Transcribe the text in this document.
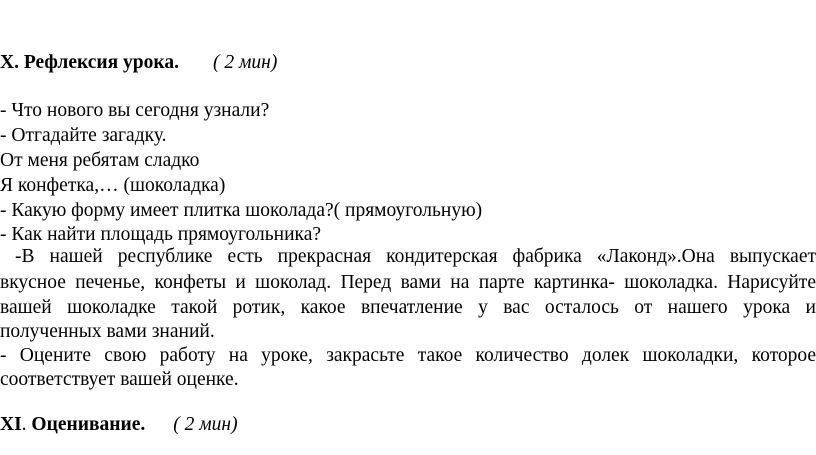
X. Рефлексия урока. ( 2 мин)
- Что нового вы сегодня узнали?
- Отгадайте загадку.
От меня ребятам сладко
Я конфетка,… (шоколадка)
- Какую форму имеет плитка шоколада?( прямоугольную)
- Как найти площадь прямоугольника?
-В нашей республике есть прекрасная кондитерская фабрика «Лаконд».Она выпускает
вкусное печенье, конфеты и шоколад. Перед вами на парте картинка- шоколадка. Нарисуйте
вашей шоколадке такой ротик, какое впечатление у вас осталось от нашего урока и
полученных вами знаний.
- Оцените свою работу на уроке, закрасьте такое количество долек шоколадки, которое
соответствует вашей оценке.
XI. Оценивание. ( 2 мин)
